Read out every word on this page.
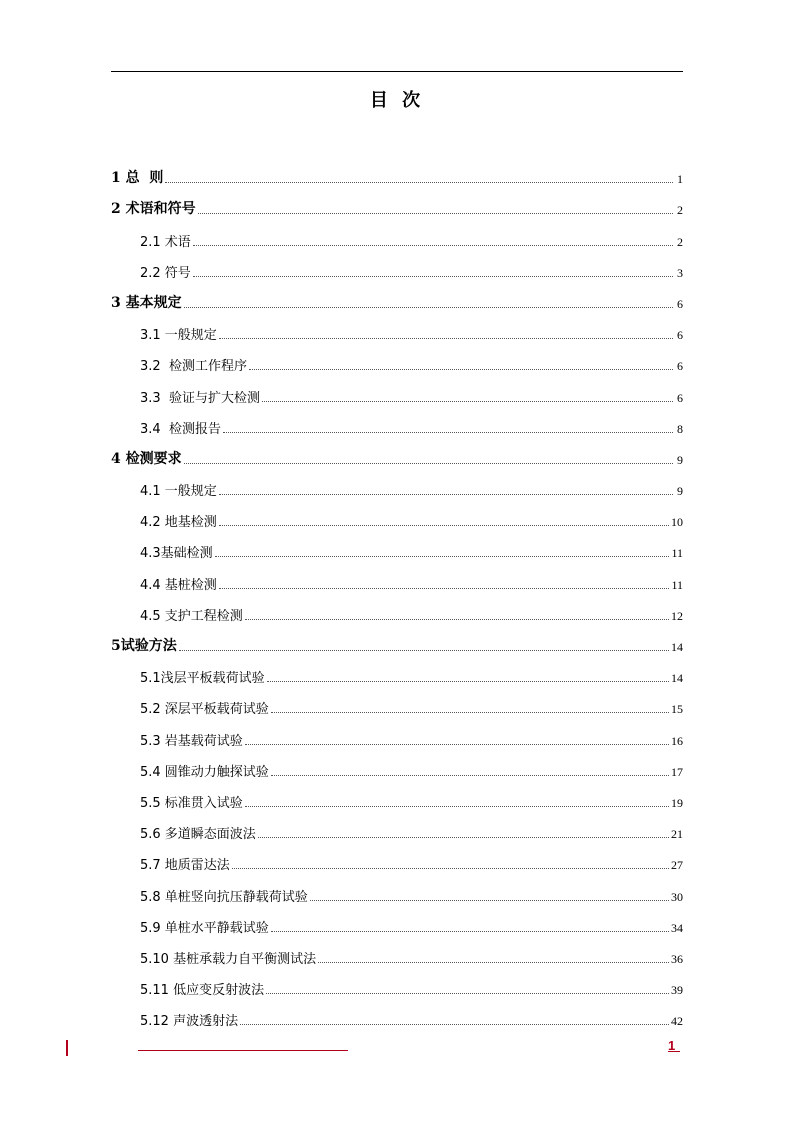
目 次
1 总  则	1
2 术语和符号	2
2.1 术语	2
2.2 符号	3
3 基本规定	6
3.1 一般规定	6
3.2  检测工作程序	6
3.3  验证与扩大检测	6
3.4  检测报告	8
4 检测要求	9
4.1 一般规定	9
4.2 地基检测	10
4.3基础检测	11
4.4 基桩检测	11
4.5 支护工程检测	12
5试验方法	14
5.1浅层平板载荷试验	14
5.2 深层平板载荷试验	15
5.3 岩基载荷试验	16
5.4 圆锥动力触探试验	17
5.5 标准贯入试验	19
5.6 多道瞬态面波法	21
5.7 地质雷达法	27
5.8 单桩竖向抗压静载荷试验	30
5.9 单桩水平静载试验	34
5.10 基桩承载力自平衡测试法	36
5.11 低应变反射波法	39
5.12 声波透射法	42
1
